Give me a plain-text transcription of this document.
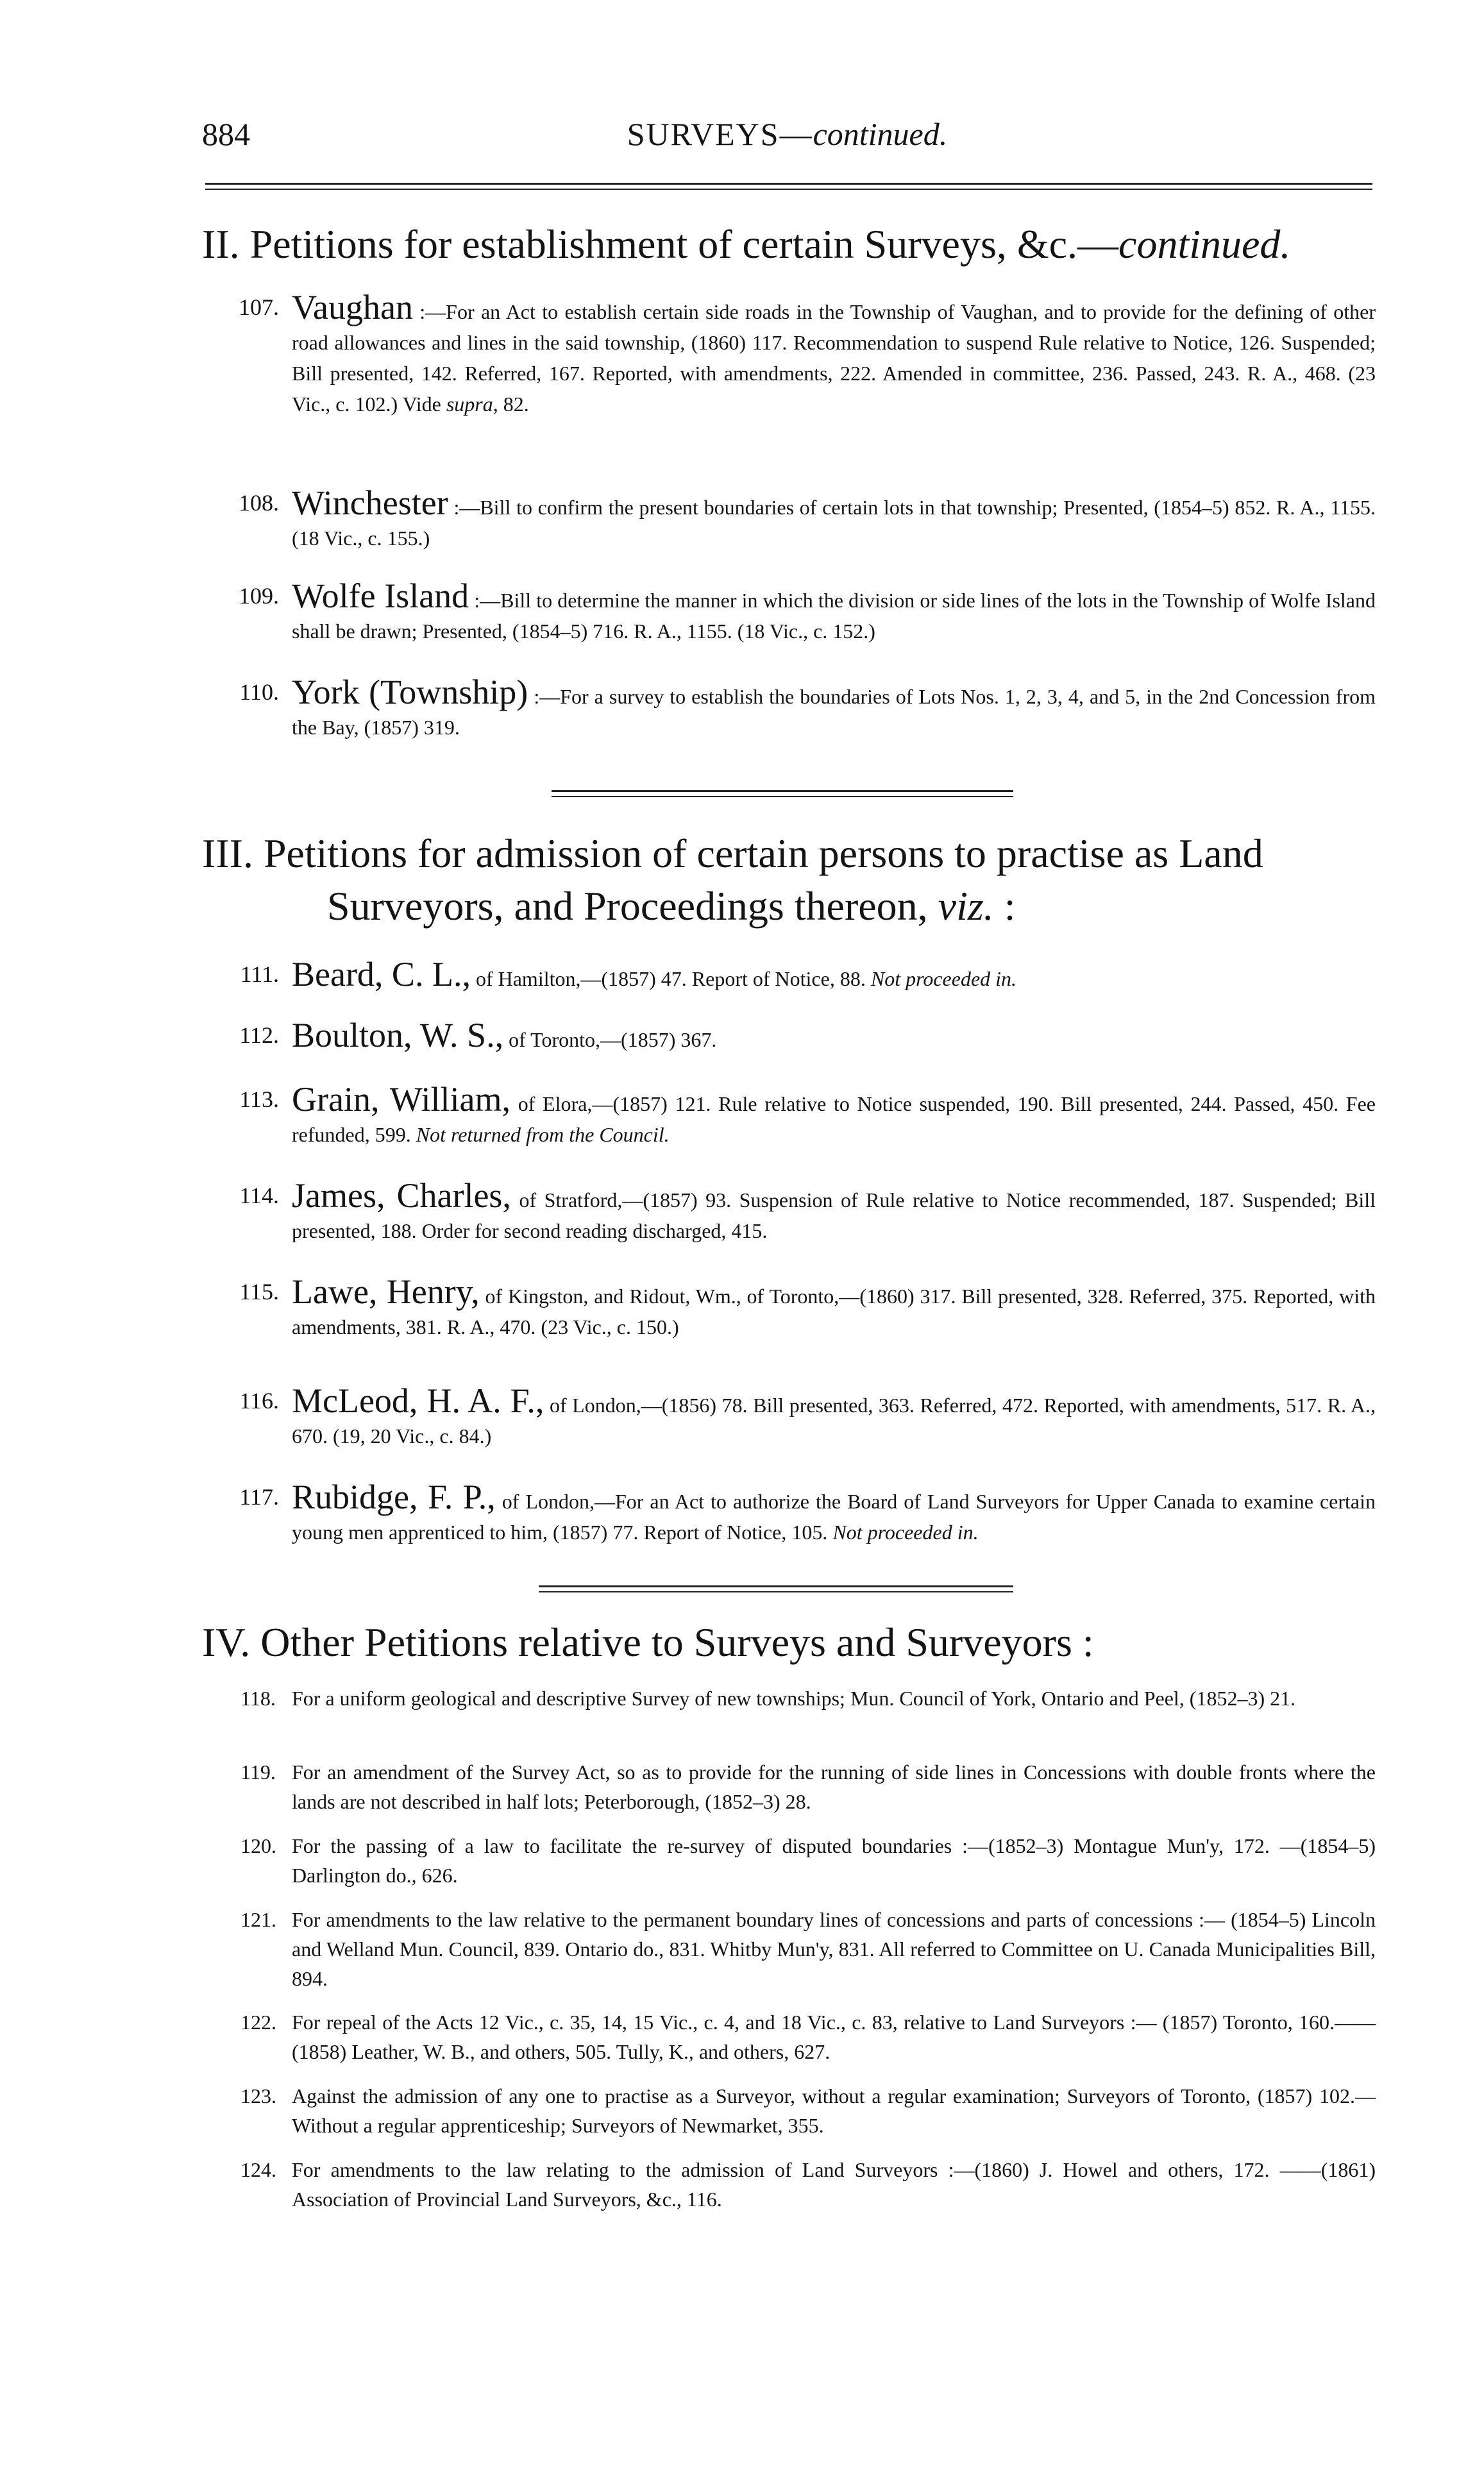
884	SURVEYS—continued.
II. Petitions for establishment of certain Surveys, &c.—continued.
107. Vaughan :—For an Act to establish certain side roads in the Township of Vaughan, and to provide for the defining of other road allowances and lines in the said township, (1860) 117. Recommendation to suspend Rule relative to Notice, 126. Suspended; Bill presented, 142. Referred, 167. Reported, with amendments, 222. Amended in committee, 236. Passed, 243. R. A., 468. (23 Vic., c. 102.) Vide supra, 82.
108. Winchester :—Bill to confirm the present boundaries of certain lots in that township; Presented, (1854–5) 852. R. A., 1155. (18 Vic., c. 155.)
109. Wolfe Island :—Bill to determine the manner in which the division or side lines of the lots in the Township of Wolfe Island shall be drawn; Presented, (1854–5) 716. R. A., 1155. (18 Vic., c. 152.)
110. York (Township) :—For a survey to establish the boundaries of Lots Nos. 1, 2, 3, 4, and 5, in the 2nd Concession from the Bay, (1857) 319.
III. Petitions for admission of certain persons to practise as Land
Surveyors, and Proceedings thereon, viz. :
111. Beard, C. L., of Hamilton,—(1857) 47. Report of Notice, 88. Not proceeded in.
112. Boulton, W. S., of Toronto,—(1857) 367.
113. Grain, William, of Elora,—(1857) 121. Rule relative to Notice suspended, 190. Bill presented, 244. Passed, 450. Fee refunded, 599. Not returned from the Council.
114. James, Charles, of Stratford,—(1857) 93. Suspension of Rule relative to Notice recommended, 187. Suspended; Bill presented, 188. Order for second reading discharged, 415.
115. Lawe, Henry, of Kingston, and Ridout, Wm., of Toronto,—(1860) 317. Bill presented, 328. Referred, 375. Reported, with amendments, 381. R. A., 470. (23 Vic., c. 150.)
116. McLeod, H. A. F., of London,—(1856) 78. Bill presented, 363. Referred, 472. Reported, with amendments, 517. R. A., 670. (19, 20 Vic., c. 84.)
117. Rubidge, F. P., of London,—For an Act to authorize the Board of Land Surveyors for Upper Canada to examine certain young men apprenticed to him, (1857) 77. Report of Notice, 105. Not proceeded in.
IV. Other Petitions relative to Surveys and Surveyors :
118. For a uniform geological and descriptive Survey of new townships; Mun. Council of York, Ontario and Peel, (1852–3) 21.
119. For an amendment of the Survey Act, so as to provide for the running of side lines in Concessions with double fronts where the lands are not described in half lots; Peterborough, (1852–3) 28.
120. For the passing of a law to facilitate the re-survey of disputed boundaries :—(1852–3) Montague Mun'y, 172. —(1854–5) Darlington do., 626.
121. For amendments to the law relative to the permanent boundary lines of concessions and parts of concessions :— (1854–5) Lincoln and Welland Mun. Council, 839. Ontario do., 831. Whitby Mun'y, 831. All referred to Committee on U. Canada Municipalities Bill, 894.
122. For repeal of the Acts 12 Vic., c. 35, 14, 15 Vic., c. 4, and 18 Vic., c. 83, relative to Land Surveyors :— (1857) Toronto, 160.——(1858) Leather, W. B., and others, 505. Tully, K., and others, 627.
123. Against the admission of any one to practise as a Surveyor, without a regular examination; Surveyors of Toronto, (1857) 102.—Without a regular apprenticeship; Surveyors of Newmarket, 355.
124. For amendments to the law relating to the admission of Land Surveyors :—(1860) J. Howel and others, 172. ——(1861) Association of Provincial Land Surveyors, &c., 116.
